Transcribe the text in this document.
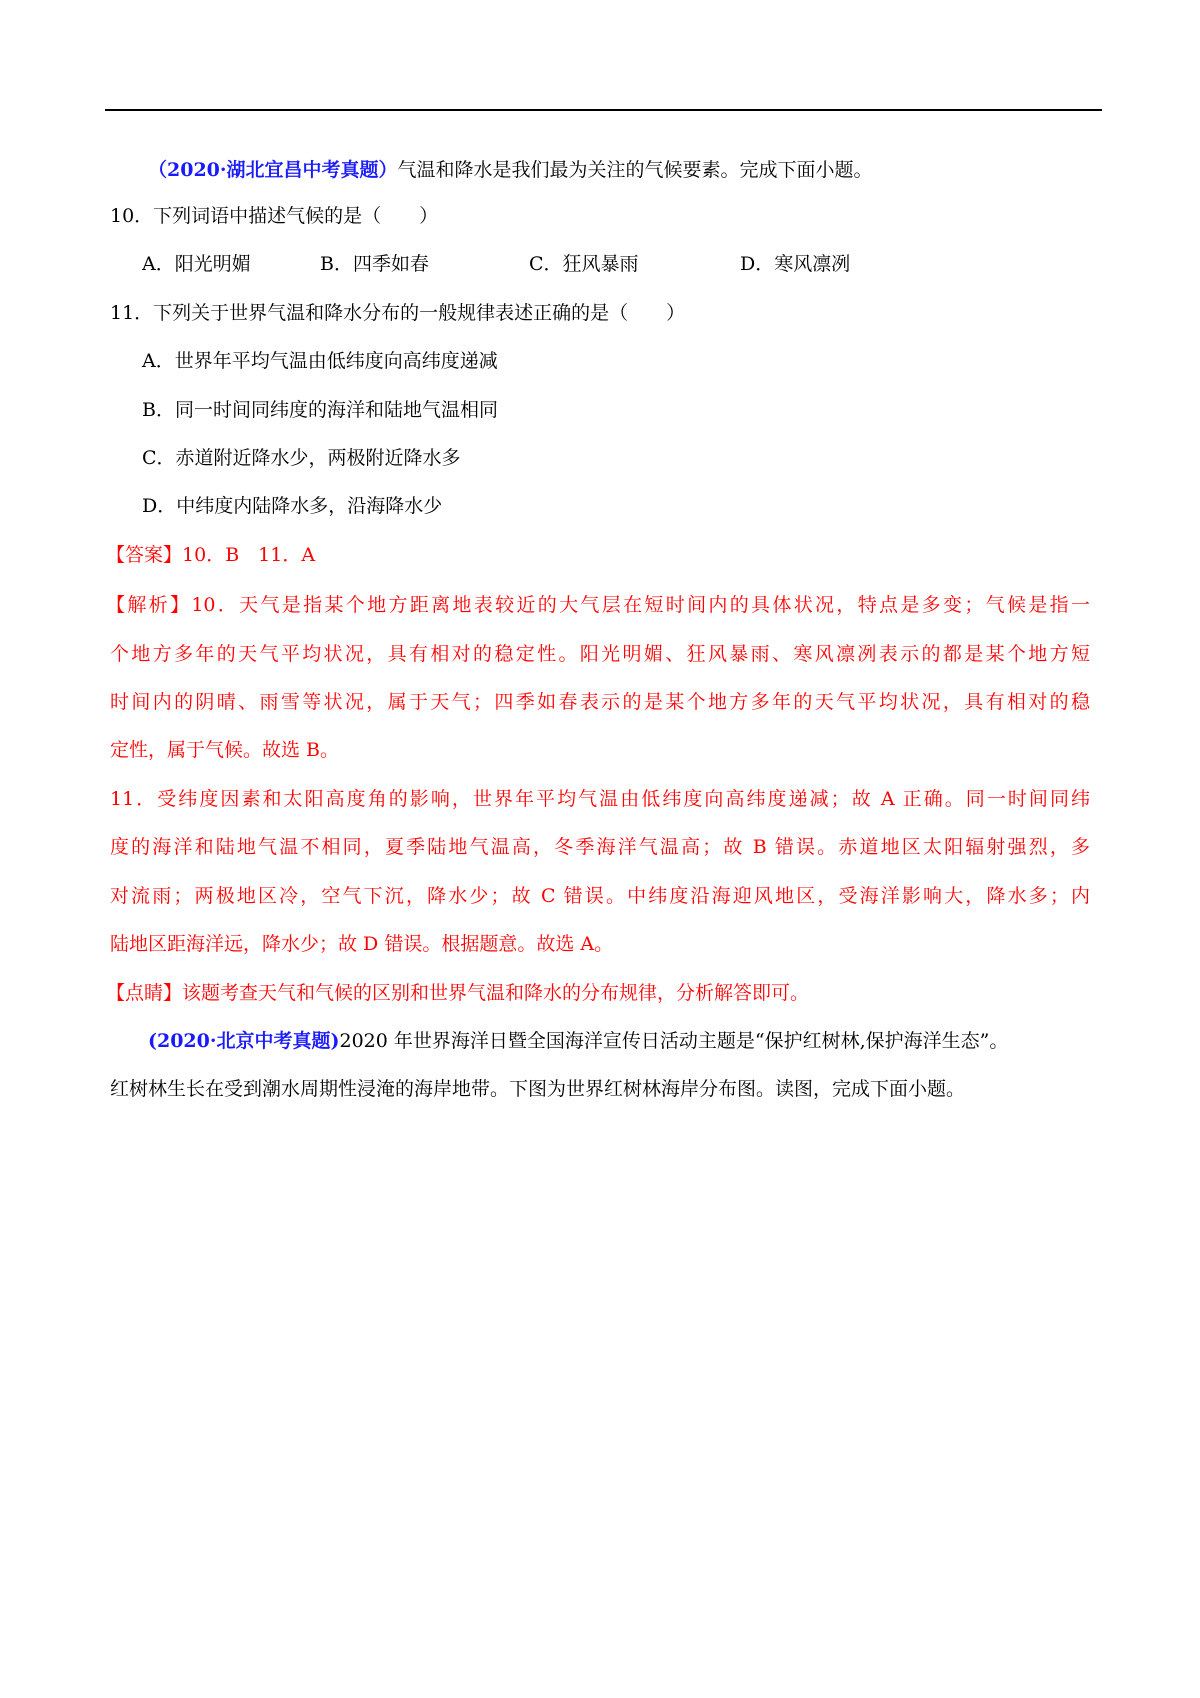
（2020·湖北宜昌中考真题）气温和降水是我们最为关注的气候要素。完成下面小题。
10．下列词语中描述气候的是（　　）
A．阳光明媚	B．四季如春	C．狂风暴雨	D．寒风凛冽
11．下列关于世界气温和降水分布的一般规律表述正确的是（　　）
A．世界年平均气温由低纬度向高纬度递减
B．同一时间同纬度的海洋和陆地气温相同
C．赤道附近降水少，两极附近降水多
D．中纬度内陆降水多，沿海降水少
【答案】10．B　11．A
【解析】10．天气是指某个地方距离地表较近的大气层在短时间内的具体状况，特点是多变；气候是指一
个地方多年的天气平均状况，具有相对的稳定性。阳光明媚、狂风暴雨、寒风凛冽表示的都是某个地方短
时间内的阴晴、雨雪等状况，属于天气；四季如春表示的是某个地方多年的天气平均状况，具有相对的稳
定性，属于气候。故选 B。
11．受纬度因素和太阳高度角的影响，世界年平均气温由低纬度向高纬度递减；故 A 正确。同一时间同纬
度的海洋和陆地气温不相同，夏季陆地气温高，冬季海洋气温高；故 B 错误。赤道地区太阳辐射强烈，多
对流雨；两极地区冷，空气下沉，降水少；故 C 错误。中纬度沿海迎风地区，受海洋影响大，降水多；内
陆地区距海洋远，降水少；故 D 错误。根据题意。故选 A。
【点睛】该题考查天气和气候的区别和世界气温和降水的分布规律，分析解答即可。
(2020·北京中考真题)2020 年世界海洋日暨全国海洋宣传日活动主题是“保护红树林,保护海洋生态”。
红树林生长在受到潮水周期性浸淹的海岸地带。下图为世界红树林海岸分布图。读图，完成下面小题。
